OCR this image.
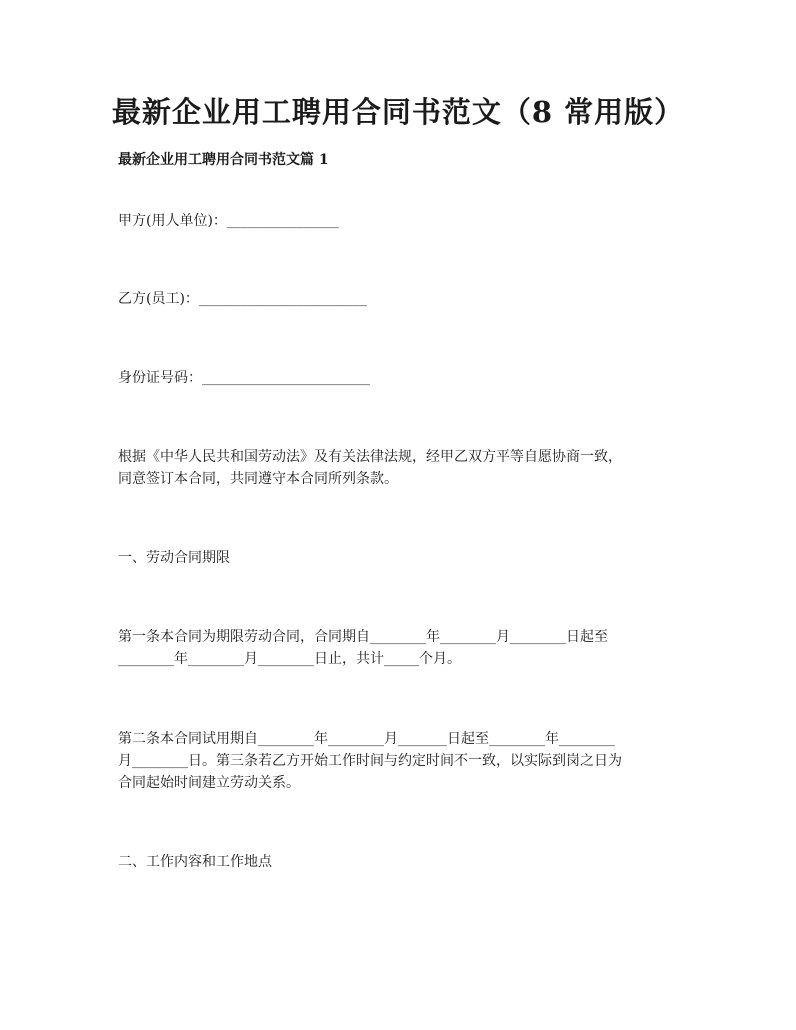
最新企业用工聘用合同书范文（8 常用版）
最新企业用工聘用合同书范文篇 1
甲方(用人单位)：________________
乙方(员工)：________________________
身份证号码：________________________
根据《中华人民共和国劳动法》及有关法律法规，经甲乙双方平等自愿协商一致，
同意签订本合同，共同遵守本合同所列条款。
一、劳动合同期限
第一条本合同为期限劳动合同，合同期自________年________月________日起至
________年________月________日止，共计_____个月。
第二条本合同试用期自________年________月_______日起至________年________
月________日。第三条若乙方开始工作时间与约定时间不一致，以实际到岗之日为
合同起始时间建立劳动关系。
二、工作内容和工作地点
